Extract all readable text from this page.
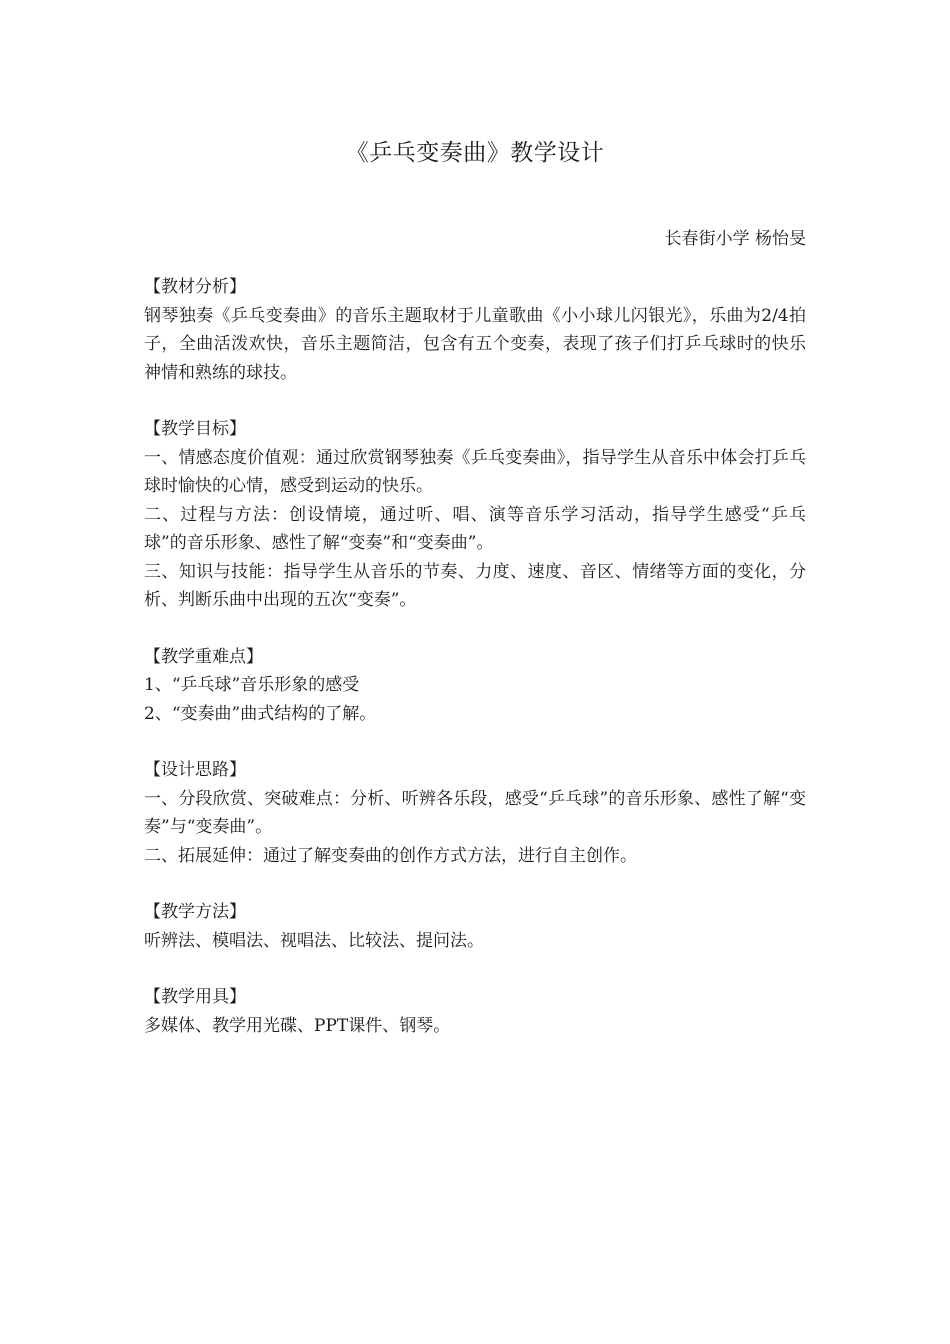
《乒乓变奏曲》教学设计
长春街小学 杨怡旻

【教材分析】

钢琴独奏《乒乓变奏曲》的音乐主题取材于儿童歌曲《小小球儿闪银光》，乐曲为2/4拍子，全曲活泼欢快，音乐主题简洁，包含有五个变奏，表现了孩子们打乒乓球时的快乐神情和熟练的球技。

【教学目标】

一、情感态度价值观：通过欣赏钢琴独奏《乒乓变奏曲》，指导学生从音乐中体会打乒乓球时愉快的心情，感受到运动的快乐。

二、过程与方法：创设情境，通过听、唱、演等音乐学习活动，指导学生感受“乒乓球”的音乐形象、感性了解“变奏”和“变奏曲”。

三、知识与技能：指导学生从音乐的节奏、力度、速度、音区、情绪等方面的变化，分析、判断乐曲中出现的五次“变奏”。

【教学重难点】

1、“乒乓球”音乐形象的感受

2、“变奏曲”曲式结构的了解。

【设计思路】

一、分段欣赏、突破难点：分析、听辨各乐段，感受“乒乓球”的音乐形象、感性了解“变奏”与“变奏曲”。

二、拓展延伸：通过了解变奏曲的创作方式方法，进行自主创作。

【教学方法】

听辨法、模唱法、视唱法、比较法、提问法。

【教学用具】

多媒体、教学用光碟、PPT课件、钢琴。
